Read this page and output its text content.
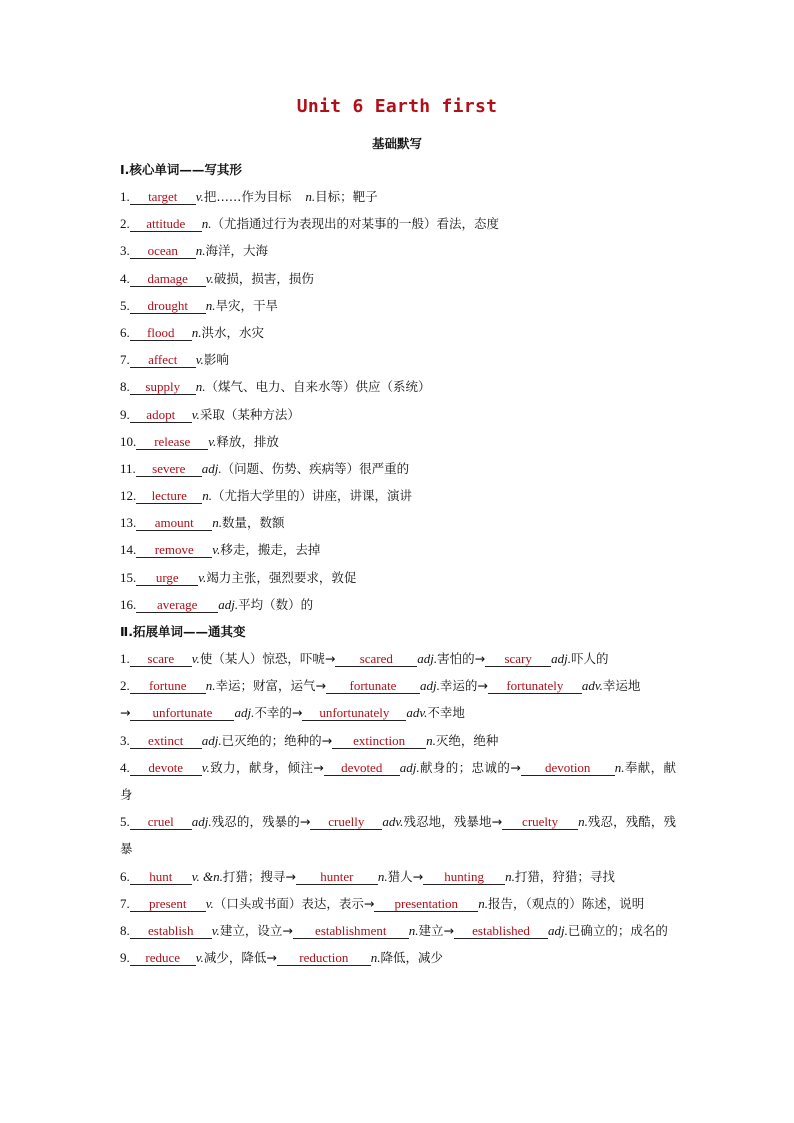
Unit 6 Earth first
基础默写
Ⅰ.核心单词——写其形
1. target v.把……作为目标 n.目标；靶子
2. attitude n.（尤指通过行为表现出的对某事的一般）看法，态度
3. ocean n.海洋，大海
4. damage v.破损，损害，损伤
5. drought n.旱灾，干旱
6. flood n.洪水，水灾
7. affect v.影响
8. supply n.（煤气、电力、自来水等）供应（系统）
9. adopt v.采取（某种方法）
10. release v.释放，排放
11. severe adj.（问题、伤势、疾病等）很严重的
12. lecture n.（尤指大学里的）讲座，讲课，演讲
13. amount n.数量，数额
14. remove v.移走，搬走，去掉
15. urge v.竭力主张，强烈要求，敦促
16. average adj.平均（数）的
Ⅱ.拓展单词——通其变
1. scare v.使（某人）惊恐，吓唬→ scared adj.害怕的→ scary adj.吓人的
2. fortune n.幸运；财富，运气→ fortunate adj.幸运的→ fortunately adv.幸运地
→ unfortunate adj.不幸的→ unfortunately adv.不幸地
3. extinct adj.已灭绝的；绝种的→ extinction n.灭绝，绝种
4. devote v.致力，献身，倾注→ devoted adj.献身的；忠诚的→ devotion n.奉献，献身
5. cruel adj.残忍的，残暴的→ cruelly adv.残忍地，残暴地→ cruelty n.残忍，残酷，残暴
6. hunt v. &n.打猎；搜寻→ hunter n.猎人→ hunting n.打猎，狩猎；寻找
7. present v.（口头或书面）表达，表示→ presentation n.报告，（观点的）陈述，说明
8. establish v.建立，设立→ establishment n.建立→ established adj.已确立的；成名的
9. reduce v.减少，降低→ reduction n.降低，减少
